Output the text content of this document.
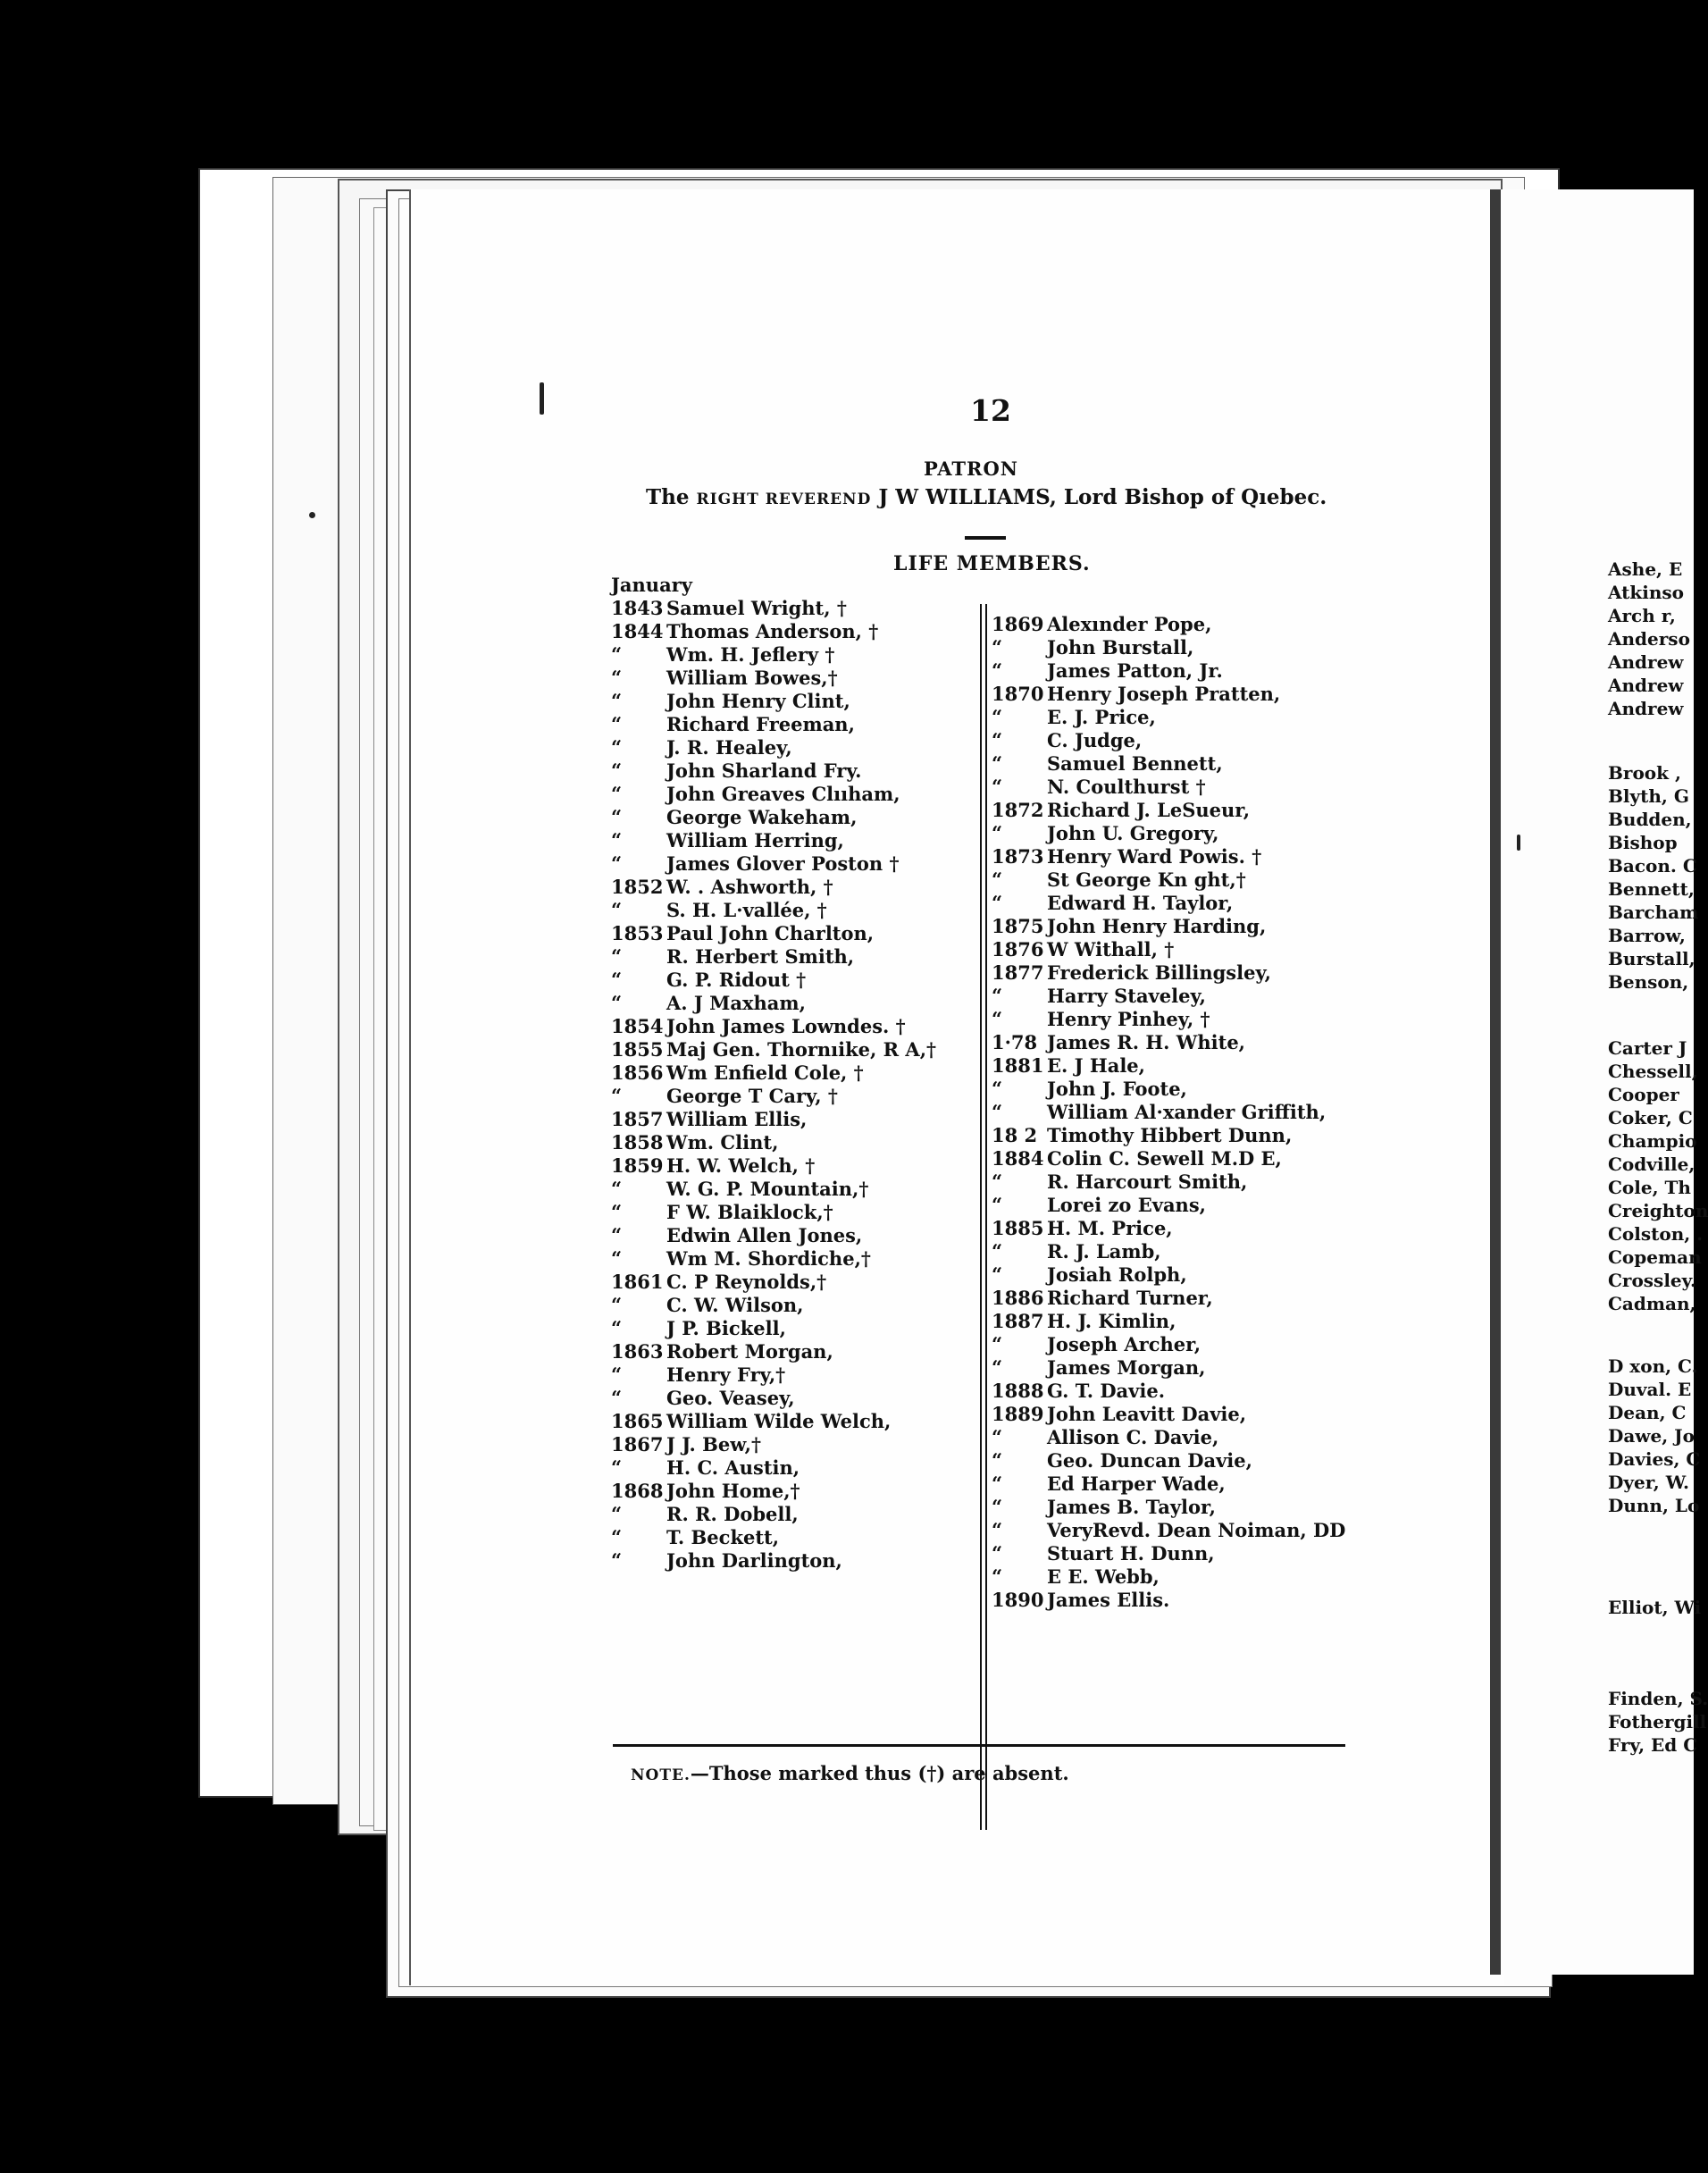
12
PATRON
The RIGHT REVEREND J W WILLIAMS, Lord Bishop of Qıebec.
LIFE MEMBERS.
January
1843 Samuel Wright, †
1844 Thomas Anderson, †
“ Wm. H. Jeflery †
“ William Bowes,†
“ John Henry Clint,
“ Richard Freeman,
“ J. R. Healey,
“ John Sharland Fry.
“ John Greaves Clııham,
“ George Wakeham,
“ William Herring,
“ James Glover Poston †
1852 W. . Ashworth, †
“ S. H. L·vallée, †
1853 Paul John Charlton,
“ R. Herbert Smith,
“ G. P. Ridout †
“ A. J Maxham,
1854 John James Lowndes. †
1855 Maj Gen. Thornıike, R A,†
1856 Wm Enfield Cole, †
“ George T Cary, †
1857 William Ellis,
1858 Wm. Clint,
1859 H. W. Welch, †
“ W. G. P. Mountain,†
“ F W. Blaiklock,†
“ Edwin Allen Jones,
“ Wm M. Shordiche,†
1861 C. P Reynolds,†
“ C. W. Wilson,
“ J P. Bickell,
1863 Robert Morgan,
“ Henry Fry,†
“ Geo. Veasey,
1865 William Wilde Welch,
1867 J J. Bew,†
“ H. C. Austin,
1868 John Home,†
“ R. R. Dobell,
“ T. Beckett,
“ John Darlington,
1869 Alexınder Pope,
“ John Burstall,
“ James Patton, Jr.
1870 Henry Joseph Pratten,
“ E. J. Price,
“ C. Judge,
“ Samuel Bennett,
“ N. Coulthurst †
1872 Richard J. LeSueur,
“ John U. Gregory,
1873 Henry Ward Powis. †
“ St George Kn ght,†
“ Edward H. Taylor,
1875 John Henry Harding,
1876 W Withall, †
1877 Frederick Billingsley,
“ Harry Staveley,
“ Henry Pinhey, †
1·78 James R. H. White,
1881 E. J Hale,
“ John J. Foote,
“ William Al·xander Griffith,
18 2 Timothy Hibbert Dunn,
1884 Colin C. Sewell M.D E,
“ R. Harcourt Smith,
“ Lorei zo Evans,
1885 H. M. Price,
“ R. J. Lamb,
“ Josiah Rolph,
1886 Richard Turner,
1887 H. J. Kimlin,
“ Joseph Archer,
“ James Morgan,
1888 G. T. Davie.
1889 John Leavitt Davie,
“ Allison C. Davie,
“ Geo. Duncan Davie,
“ Ed Harper Wade,
“ James B. Taylor,
“ VeryRevd. Dean Noiman, DD
“ Stuart H. Dunn,
“ E E. Webb,
1890 James Ellis.
NOTE.—Those marked thus (†) are absent.
Ashe, E
Atkinso
Arch r,
Anderso
Andrew
Andrew
Andrew
Brook ,
Blyth, G
Budden,
Bishop
Bacon. C
Bennett,
Barcham
Barrow,
Burstall,
Benson,
Carter J
Chessell,
Cooper
Coker, C
Champio
Codville,
Cole, Th
Creighton
Colston, .
Copeman
Crossley.
Cadman,
D xon, C.
Duval. E
Dean, C
Dawe, Jo
Davies, C
Dyer, W.
Dunn, Lo
Elliot, Wi
Finden, S.
Fothergill
Fry, Ed C
